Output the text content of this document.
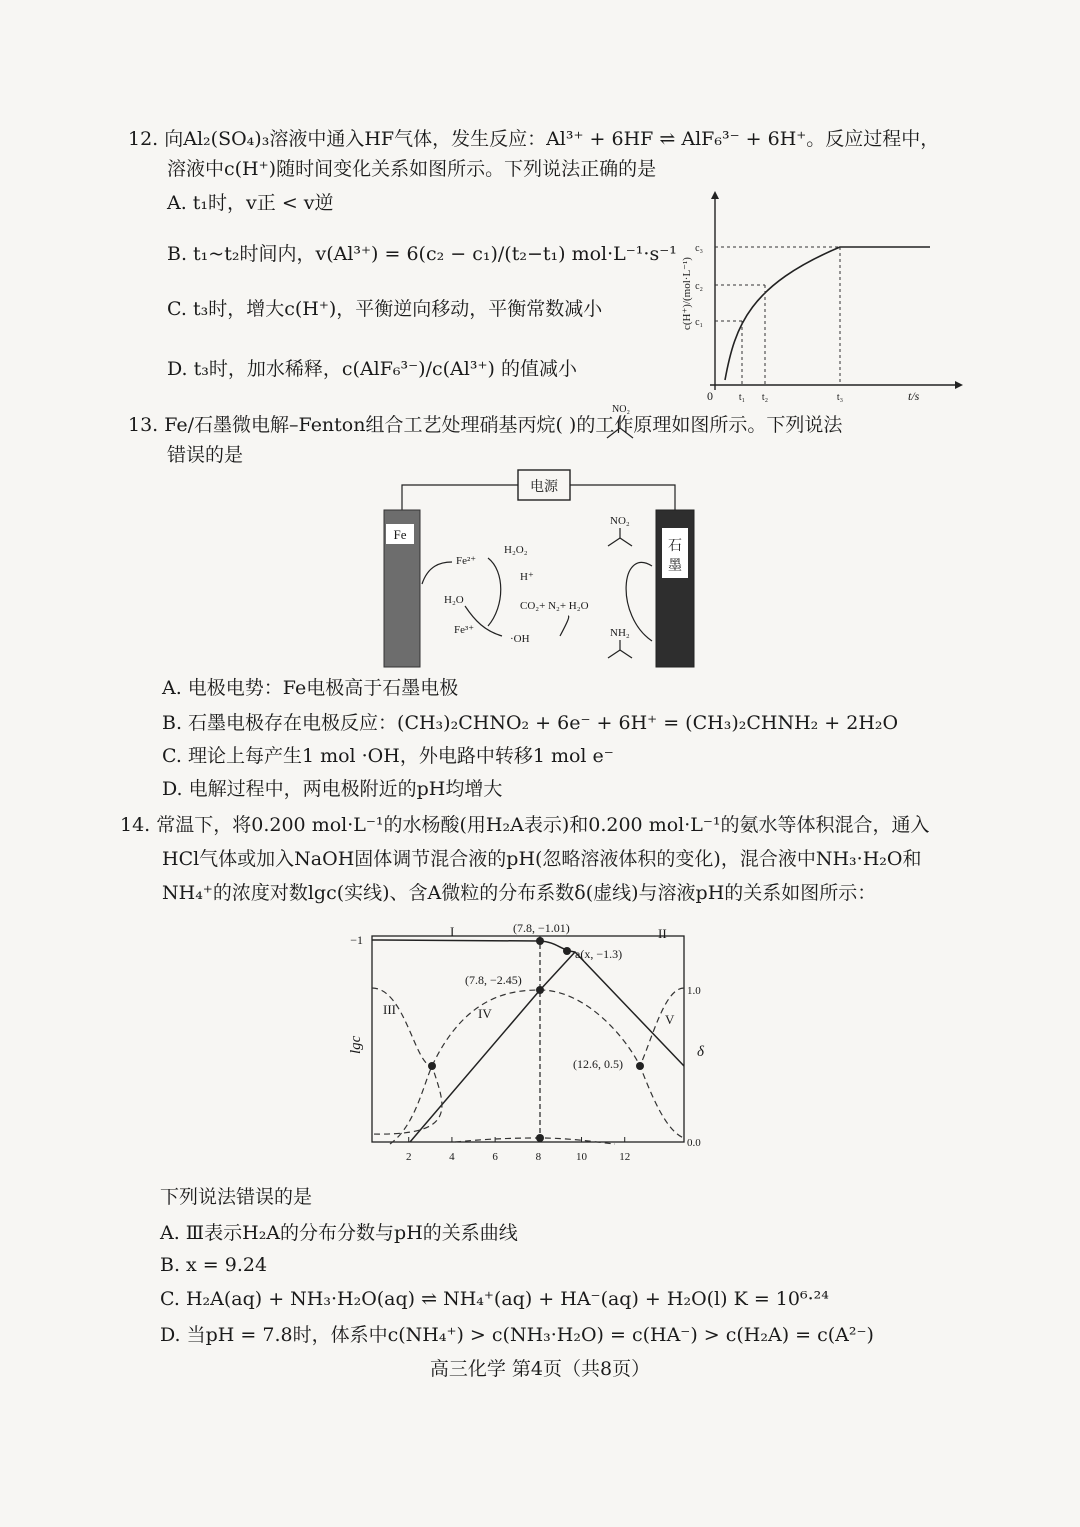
12. 向Al₂(SO₄)₃溶液中通入HF气体，发生反应：Al³⁺ + 6HF ⇌ AlF₆³⁻ + 6H⁺。反应过程中，
溶液中c(H⁺)随时间变化关系如图所示。下列说法正确的是
A. t₁时，v正 < v逆
B. t₁~t₂时间内，v(Al³⁺) = 6(c₂ − c₁)/(t₂−t₁) mol·L⁻¹·s⁻¹
C. t₃时，增大c(H⁺)，平衡逆向移动，平衡常数减小
D. t₃时，加水稀释，c(AlF₆³⁻)/c(Al³⁺) 的值减小
c₁
c₂
c₃
t₁ t₂	t₃
0	t/s
c(H⁺)/(mol·L⁻¹)
13. Fe/石墨微电解–Fenton组合工艺处理硝基丙烷( )的工作原理如图所示。下列说法
错误的是
NO₂
电源
Fe
石
墨
Fe²⁺
H₂O₂
H⁺
H₂O	CO₂+ N₂+ H₂O
Fe³⁺
·OH
NO₂
NH₂
A. 电极电势：Fe电极高于石墨电极
B. 石墨电极存在电极反应：(CH₃)₂CHNO₂ + 6e⁻ + 6H⁺ = (CH₃)₂CHNH₂ + 2H₂O
C. 理论上每产生1 mol ·OH，外电路中转移1 mol e⁻
D. 电解过程中，两电极附近的pH均增大
14. 常温下，将0.200 mol·L⁻¹的水杨酸(用H₂A表示)和0.200 mol·L⁻¹的氨水等体积混合，通入
HCl气体或加入NaOH固体调节混合液的pH(忽略溶液体积的变化)，混合液中NH₃·H₂O和
NH₄⁺的浓度对数lgc(实线)、含A微粒的分布系数δ(虚线)与溶液pH的关系如图所示：
−1
1.0
0.0
lgc	δ
2	4	6	8	10	12
(7.8, −1.01)
a(x, −1.3)
(7.8, −2.45)
(12.6, 0.5)
I	II
III	IV	V
下列说法错误的是
A. Ⅲ表示H₂A的分布分数与pH的关系曲线
B. x = 9.24
C. H₂A(aq) + NH₃·H₂O(aq) ⇌ NH₄⁺(aq) + HA⁻(aq) + H₂O(l) K = 10⁶·²⁴
D. 当pH = 7.8时，体系中c(NH₄⁺) > c(NH₃·H₂O) = c(HA⁻) > c(H₂A) = c(A²⁻)
高三化学 第4页（共8页）
